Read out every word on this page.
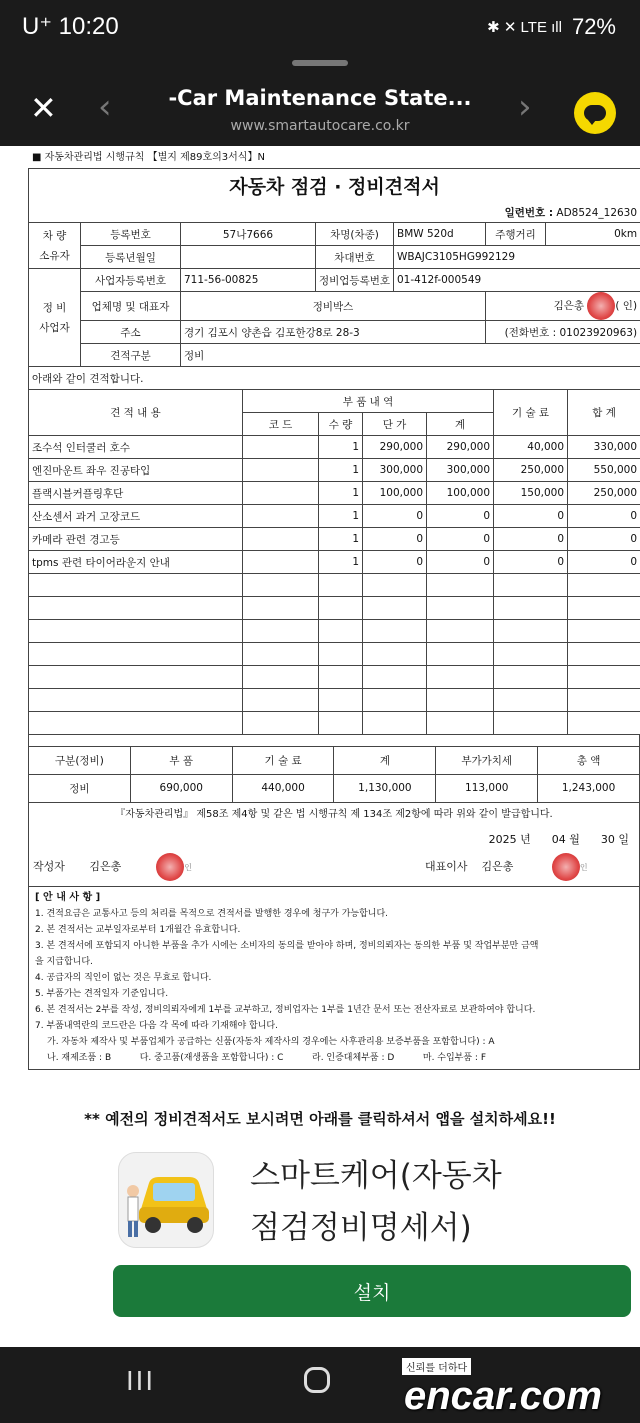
U⁺ 10:20	✱ ✕ LTE ıll 72%
✕ ‹	-Car Maintenance State...
www.smartautocare.co.kr	›
■ 자동차관리법 시행규칙 【별지 제89호의3서식】N
자동차 점검 · 정비견적서						
일련번호 : AD8524_12630						
차 량
소유자	등록번호	57나7666	차명(차종)	BMW 520d	주행거리	0km
	등록년월일		차대번호	WBAJC3105HG992129		
정 비
사업자	사업자등록번호	711-56-00825	정비업등록번호	01-412f-000549		
	업체명 및 대표자	정비박스			김은총 ( 인)	
	주소	경기 김포시 양촌읍 김포한강8로 28-3			(전화번호 : 01023920963)	
	견적구분	정비				
아래와 같이 견적합니다.						
견 적 내 용	부 품 내 역				기 술 료	합 계
	코 드	수 량	단 가	계		
조수석 인터쿨러 호수		1	290,000	290,000	40,000	330,000
엔진마운트 좌우 진공타입		1	300,000	300,000	250,000	550,000
플랙시블커플링후단		1	100,000	100,000	150,000	250,000
산소센서 과거 고장코드		1	0	0	0	0
카메라 관련 경고등		1	0	0	0	0
tpms 관련 타이어라운지 안내		1	0	0	0	0

구분(정비)	부 품	기 술 료	계	부가가치세	총 액
정비	690,000	440,000	1,130,000	113,000	1,243,000
『자동차관리법』 제58조 제4항 및 같은 법 시행규칙 제 134조 제2항에 따라 위와 같이 발급합니다.
2025 년 04 월 30 일
작성자 김은총	인	대표이사 김은총	인
[ 안 내 사 항 ]
1. 견적요금은 교통사고 등의 처리를 목적으로 견적서를 발행한 경우에 청구가 가능합니다.
2. 본 견적서는 교부일자로부터 1개월간 유효합니다.
3. 본 견적서에 포함되지 아니한 부품을 추가 시에는 소비자의 동의를 받아야 하며, 정비의뢰자는 동의한 부품 및 작업부분만 금액
을 지급합니다.
4. 공급자의 직인이 없는 것은 무효로 합니다.
5. 부품가는 견적일자 기준입니다.
6. 본 견적서는 2부를 작성, 정비의뢰자에게 1부를 교부하고, 정비업자는 1부를 1년간 문서 또는 전산자료로 보관하여야 합니다.
7. 부품내역란의 코드란은 다음 각 목에 따라 기재해야 합니다.
가. 자동차 제작사 및 부품업체가 공급하는 신품(자동차 제작사의 경우에는 사후관리용 보증부품을 포함합니다) : A
나. 재제조품 : B          다. 중고품(재생품을 포함합니다) : C          라. 인증대체부품 : D          마. 수입부품 : F
** 예전의 정비견적서도 보시려면 아래를 클릭하셔서 앱을 설치하세요!!
스마트케어(자동차
점검정비명세서)
설치
III	신뢰를 더하다
encar.com
